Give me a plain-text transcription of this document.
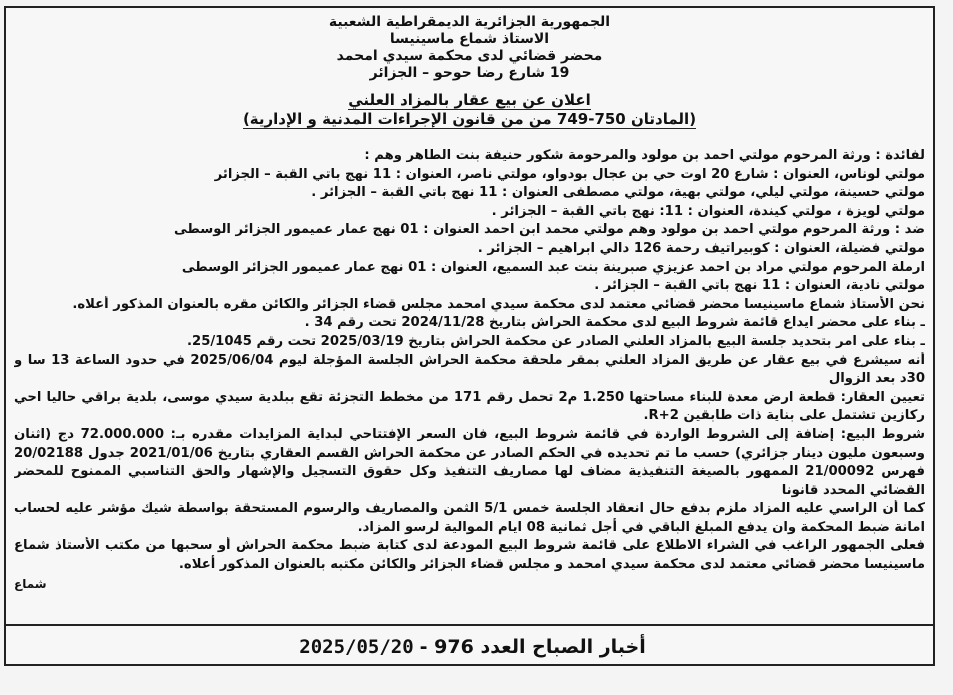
الجمهورية الجزائرية الديمقراطية الشعبية

الاستاذ شماع ماسينيسا

محضر قضائي لدى محكمة سيدي امحمد

19 شارع رضا حوحو – الجزائر

اعلان عن بيع عقار بالمزاد العلني
(المادتان 750-749 من من قانون الإجراءات المدنية و الإدارية)

لفائدة : ورثة المرحوم مولتي احمد بن مولود والمرحومة شكور حنيفة بنت الطاهر وهم :

مولتي لوناس، العنوان : شارع 20 اوت حي بن عجال بودواو، مولتي ناصر، العنوان : 11 نهج باتي القبة – الجزائر

مولتي حسينة، مولتي ليلي، مولتي بهية، مولتي مصطفى العنوان : 11 نهج باتي القبة – الجزائر .

مولتي لويزة ، مولتي كيندة، العنوان : 11: نهج باتي القبة – الجزائر .

ضد : ورثة المرحوم مولتي احمد بن مولود وهم مولتي محمد ابن احمد العنوان : 01 نهج عمار عميمور الجزائر الوسطى

مولتي فضيلة، العنوان : كوبيراتيف رحمة 126 دالي ابراهيم – الجزائر .

ارملة المرحوم مولتي مراد بن احمد عزيزي صبرينة بنت عبد السميع، العنوان : 01 نهج عمار عميمور الجزائر الوسطى

مولتي نادية، العنوان : 11 نهج باتي القبة – الجزائر .

نحن الأستاذ شماع ماسينيسا محضر قضائي معتمد لدى محكمة سيدي امحمد مجلس قضاء الجزائر والكائن مقره بالعنوان المذكور أعلاه.

ـ بناء على محضر ايداع قائمة شروط البيع لدى محكمة الحراش بتاريخ 2024/11/28 تحت رقم 34 .

ـ بناء على امر بتحديد جلسة البيع بالمزاد العلني الصادر عن محكمة الحراش بتاريخ 2025/03/19 تحت رقم 25/1045.

أنه سيشرع في بيع عقار عن طريق المزاد العلني بمقر ملحقة محكمة الحراش الجلسة المؤجلة ليوم 2025/06/04 في حدود الساعة 13 سا و 30د بعد الزوال

تعيين العقار: قطعة ارض معدة للبناء مساحتها 1.250 م2 تحمل رقم 171 من مخطط التجزئة تقع ببلدية سيدي موسى، بلدية براقي حاليا احي ركازين تشتمل على بناية ذات طابقين R+2.

شروط البيع: إضافة إلى الشروط الواردة في قائمة شروط البيع، فان السعر الإفتتاحي لبداية المزايدات مقدره بـ: 72.000.000 دج (اثنان وسبعون مليون دينار جزائري) حسب ما تم تحديده في الحكم الصادر عن محكمة الحراش القسم العقاري بتاريخ 2021/01/06 جدول 20/02188 فهرس 21/00092 الممهور بالصيغة التنفيذية مضاف لها مصاريف التنفيذ وكل حقوق التسجيل والإشهار والحق التناسبي الممنوح للمحضر القضائي المحدد قانونا

كما أن الراسي عليه المزاد ملزم بدفع حال انعقاد الجلسة خمس 5/1 الثمن والمصاريف والرسوم المستحقة بواسطة شيك مؤشر عليه لحساب امانة ضبط المحكمة وان يدفع المبلغ الباقي في أجل ثمانية 08 ايام الموالية لرسو المزاد.

فعلى الجمهور الراغب في الشراء الاطلاع على قائمة شروط البيع المودعة لدى كتابة ضبط محكمة الحراش أو سحبها من مكتب الأستاذ شماع ماسينيسا محضر قضائي معتمد لدى محكمة سيدي امحمد و مجلس قضاء الجزائر والكائن مكتبه بالعنوان المذكور أعلاه.

شماع

أخبار الصباح العدد 976 -
2025/05/20
